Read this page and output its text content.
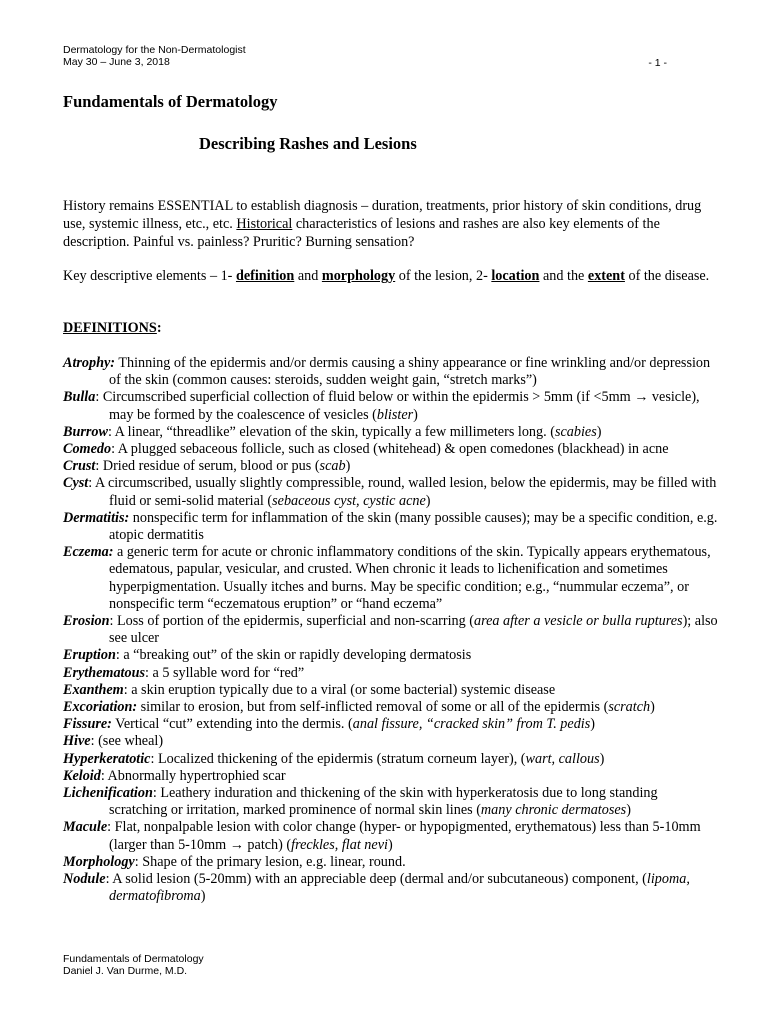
Dermatology for the Non-Dermatologist
May 30 – June 3, 2018	- 1 -
Fundamentals of Dermatology
Describing Rashes and Lesions
History remains ESSENTIAL to establish diagnosis – duration, treatments, prior history of skin conditions, drug use, systemic illness, etc., etc. Historical characteristics of lesions and rashes are also key elements of the description. Painful vs. painless? Pruritic? Burning sensation?
Key descriptive elements – 1- definition and morphology of the lesion, 2- location and the extent of the disease.
DEFINITIONS:

Atrophy: Thinning of the epidermis and/or dermis causing a shiny appearance or fine wrinkling and/or depression of the skin (common causes: steroids, sudden weight gain, “stretch marks”)

Bulla: Circumscribed superficial collection of fluid below or within the epidermis > 5mm (if <5mm → vesicle), may be formed by the coalescence of vesicles (blister)

Burrow: A linear, “threadlike” elevation of the skin, typically a few millimeters long. (scabies)

Comedo: A plugged sebaceous follicle, such as closed (whitehead) & open comedones (blackhead) in acne

Crust: Dried residue of serum, blood or pus (scab)

Cyst: A circumscribed, usually slightly compressible, round, walled lesion, below the epidermis, may be filled with fluid or semi-solid material (sebaceous cyst, cystic acne)

Dermatitis: nonspecific term for inflammation of the skin (many possible causes); may be a specific condition, e.g. atopic dermatitis

Eczema: a generic term for acute or chronic inflammatory conditions of the skin. Typically appears erythematous, edematous, papular, vesicular, and crusted. When chronic it leads to lichenification and sometimes hyperpigmentation. Usually itches and burns. May be specific condition; e.g., “nummular eczema”, or nonspecific term “eczematous eruption” or “hand eczema”

Erosion: Loss of portion of the epidermis, superficial and non-scarring (area after a vesicle or bulla ruptures); also see ulcer

Eruption: a “breaking out” of the skin or rapidly developing dermatosis

Erythematous: a 5 syllable word for “red”

Exanthem: a skin eruption typically due to a viral (or some bacterial) systemic disease

Excoriation: similar to erosion, but from self-inflicted removal of some or all of the epidermis (scratch)

Fissure: Vertical “cut” extending into the dermis. (anal fissure, “cracked skin” from T. pedis)

Hive: (see wheal)

Hyperkeratotic: Localized thickening of the epidermis (stratum corneum layer), (wart, callous)

Keloid: Abnormally hypertrophied scar

Lichenification: Leathery induration and thickening of the skin with hyperkeratosis due to long standing scratching or irritation, marked prominence of normal skin lines (many chronic dermatoses)

Macule: Flat, nonpalpable lesion with color change (hyper- or hypopigmented, erythematous) less than 5-10mm (larger than 5-10mm → patch) (freckles, flat nevi)

Morphology: Shape of the primary lesion, e.g. linear, round.

Nodule: A solid lesion (5-20mm) with an appreciable deep (dermal and/or subcutaneous) component, (lipoma, dermatofibroma)

Fundamentals of Dermatology
Daniel J. Van Durme, M.D.
